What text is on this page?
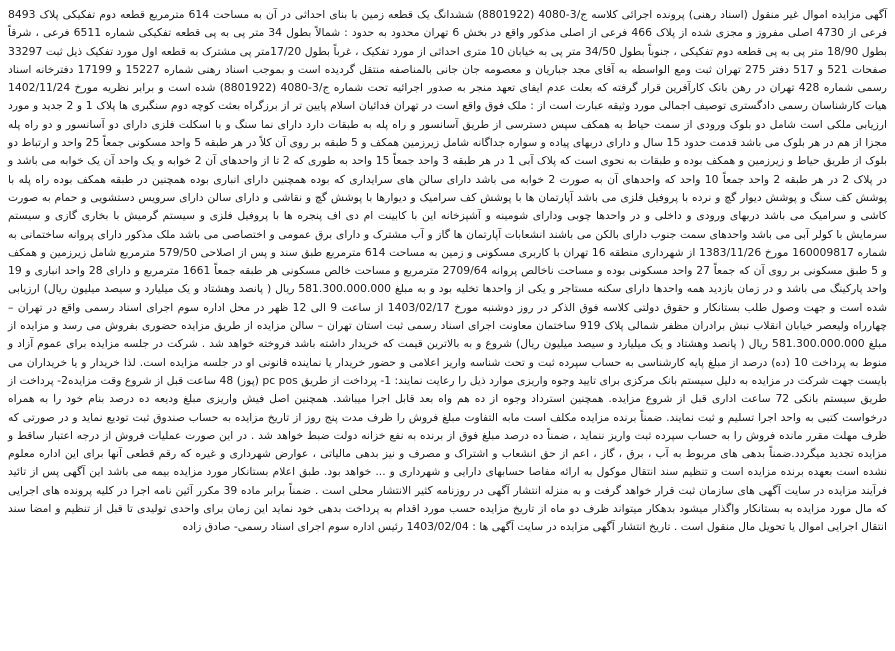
آگهی مزایده اموال غیر منقول (اسناد رهنی) پرونده اجرائی کلاسه ج/3-4080 (8801922) ششدانگ یک قطعه زمین با بنای احداثی در آن به مساحت 614 مترمربع قطعه دوم تفکیکی پلاک 8493 فرعی از 4730 اصلی مفروز و مجزی شده از پلاک 466 فرعی از اصلی مذکور واقع در بخش 6 تهران محدود به حدود : شمالاً بطول 34 متر پی به پی قطعه تفکیکی شماره 6511 فرعی ، شرقاً بطول 18/90 متر پی به پی قطعه دوم تفکیکی ، جنوباً بطول 34/50 متر پی به خیابان 10 متری احداثی از مورد تفکیک ، غرباً بطول 17/20متر پی مشترک به قطعه اول مورد تفکیک ذیل ثبت 33297 صفحات 521 و 517 دفتر 275 تهران ثبت ومع الواسطه به آقای مجد جباریان و معصومه جان جانی بالمناصفه منتقل گردیده است و بموجب اسناد رهنی شماره 15227 و 17199 دفترخانه اسناد رسمی شماره 428 تهران در رهن بانک کارآفرین قرار گرفته که بعلت عدم ایفای تعهد منجر به صدور اجرائیه تحت شماره ج/3-4080 (8801922) شده است و برابر نظریه مورخ 1402/11/24 هیات کارشناسان رسمی دادگستری توصیف اجمالی مورد وثیقه عبارت است از : ملک فوق واقع است در تهران فدائیان اسلام پایین تر از برزگراه بعثت کوچه دوم سنگبری ها پلاک 1 و 2 جدید و مورد ارزیابی ملکی است شامل دو بلوک ورودی از سمت حیاط به همکف سپس دسترسی از طریق آسانسور و راه پله به طبقات دارد دارای نما سنگ و با اسکلت فلزی دارای دو آسانسور و دو راه پله مجزا از هم در هر بلوک می باشد قدمت حدود 15 سال و دارای دربهای پیاده و سواره جداگانه شامل زیرزمین همکف و 5 طبقه بر روی آن کلاً در هر طبقه 5 واحد مسکونی جمعاً 25 واحد و ارتباط دو بلوک از طریق حیاط و زیرزمین و همکف بوده و طبقات به نحوی است که پلاک آبی 1 در هر طبقه 3 واحد جمعاً 15 واحد به طوری که 2 تا از واحدهای آن 2 خوابه و یک واحد آن یک خوابه می باشد و در پلاک 2 در هر طبقه 2 واحد جمعاً 10 واحد که واحدهای آن به صورت 2 خوابه می باشد دارای سالن های سرایداری که بوده همچنین دارای انباری بوده همچنین در طبقه همکف بوده راه پله با پوشش کف سنگ و پوشش دیوار گچ و نرده با پروفیل فلزی می باشد آپارتمان ها با پوشش کف سرامیک و دیوارها با پوشش گچ و نقاشی و دارای سالن دارای سرویس دستشویی و حمام به صورت کاشی و سرامیک می باشد دربهای ورودی و داخلی و در واحدها چوبی ودارای شومینه و آشپزخانه این با کابینت ام دی اف پنجره ها با پروفیل فلزی و سیستم گرمیش با بخاری گازی و سیستم سرمایش با کولر آبی می باشد واحدهای سمت جنوب دارای بالکن می باشند انشعابات آپارتمان ها گاز و آب مشترک و دارای برق عمومی و اختصاصی می باشد ملک مذکور دارای پروانه ساختمانی به شماره 160009817 مورخ 1383/11/26 از شهرداری منطقه 16 تهران با کاربری مسکونی و زمین به مساحت 614 مترمربع طبق سند و پس از اصلاحی 579/50 مترمربع شامل زیرزمین و همکف و 5 طبق مسکونی بر روی آن که جمعاً 27 واحد مسکونی بوده و مساحت ناخالص پروانه 2709/64 مترمربع و مساحت خالص مسکونی هر طبقه جمعاً 1661 مترمربع و دارای 28 واحد انباری و 19 واحد پارکینگ می باشد و در زمان بازدید همه واحدها دارای سکنه مستاجر و یکی از واحدها تخلیه بود و به مبلغ 581.300.000.000 ریال ( پانصد وهشتاد و یک میلیارد و سیصد میلیون ریال) ارزیابی شده است و جهت وصول طلب بستانکار و حقوق دولتی کلاسه فوق الذکر در روز دوشنبه مورخ 1403/02/17 از ساعت 9 الی 12 ظهر در محل اداره سوم اجرای اسناد رسمی واقع در تهران – چهارراه ولیعصر خیابان انقلاب نبش برادران مظفر شمالی پلاک 919 ساختمان معاونت اجرای اسناد رسمی ثبت استان تهران – سالن مزایده از طریق مزایده حضوری بفروش می رسد و مزایده از مبلغ 581.300.000.000 ریال ( پانصد وهشتاد و یک میلیارد و سیصد میلیون ریال) شروع و به بالاترین قیمت که خریدار داشته باشد فروخته خواهد شد . شرکت در جلسه مزایده برای عموم آزاد و منوط به پرداخت 10 (ده) درصد از مبلغ پایه کارشناسی به حساب سپرده ثبت و تحت شناسه واریز اعلامی و حضور خریدار یا نماینده قانونی او در جلسه مزایده است. لذا خریدار و یا خریداران می بایست جهت شرکت در مزایده به دلیل سیستم بانک مرکزی برای تایید وجوه واریزی موارد ذیل را رعایت نمایند: 1- پرداخت از طریق pc pos (پوز) 48 ساعت قبل از شروع وقت مزایده2- پرداخت از طریق سیستم بانکی 72 ساعت اداری قبل از شروع مزایده. همچنین استرداد وجوه از ده هم واه بعد قابل اجرا میباشد. همچنین اصل فیش واریزی مبلغ ودیعه ده درصد بنام خود را به همراه درخواست کتبی به واحد اجرا تسلیم و ثبت نمایند. ضمناً برنده مزایده مکلف است مابه التفاوت مبلغ فروش را ظرف مدت پنج روز از تاریخ مزایده به حساب صندوق ثبت تودیع نماید و در صورتی که ظرف مهلت مقرر مانده فروش را به حساب سپرده ثبت واریز ننماید ، ضمناً ده درصد مبلغ فوق از برنده به نفع خزانه دولت ضبط خواهد شد . در این صورت عملیات فروش از درجه اعتبار ساقط و مزایده تجدید میگردد.ضمناً بدهی های مربوط به آب ، برق ، گاز ، اعم از حق انشعاب و اشتراک و مصرف و نیز بدهی مالیاتی ، عوارض شهرداری و غیره که رقم قطعی آنها برای این اداره معلوم نشده است بعهده برنده مزایده است و تنظیم سند انتقال موکول به ارائه مفاصا حسابهای دارایی و شهرداری و ... خواهد بود. طبق اعلام بستانکار مورد مزایده بیمه می باشد این آگهی پس از تائید فرآیند مزایده در سایت آگهی های سازمان ثبت قرار خواهد گرفت و به منزله انتشار آگهی در روزنامه کثیر الانتشار محلی است . ضمناً برابر ماده 39 مکرر آئین نامه اجرا در کلیه پرونده های اجرایی که مال مورد مزایده به بستانکار واگذار میشود بدهکار میتواند ظرف دو ماه از تاریخ مزایده حسب مورد اقدام به پرداخت بدهی خود نماید این زمان برای واحدی تولیدی تا قبل از تنظیم و امضا سند انتقال اجرایی اموال یا تحویل مال منقول است . تاریخ انتشار آگهی مزایده در سایت آگهی ها : 1403/02/04 رئیس اداره سوم اجرای اسناد رسمی- صادق زاده
